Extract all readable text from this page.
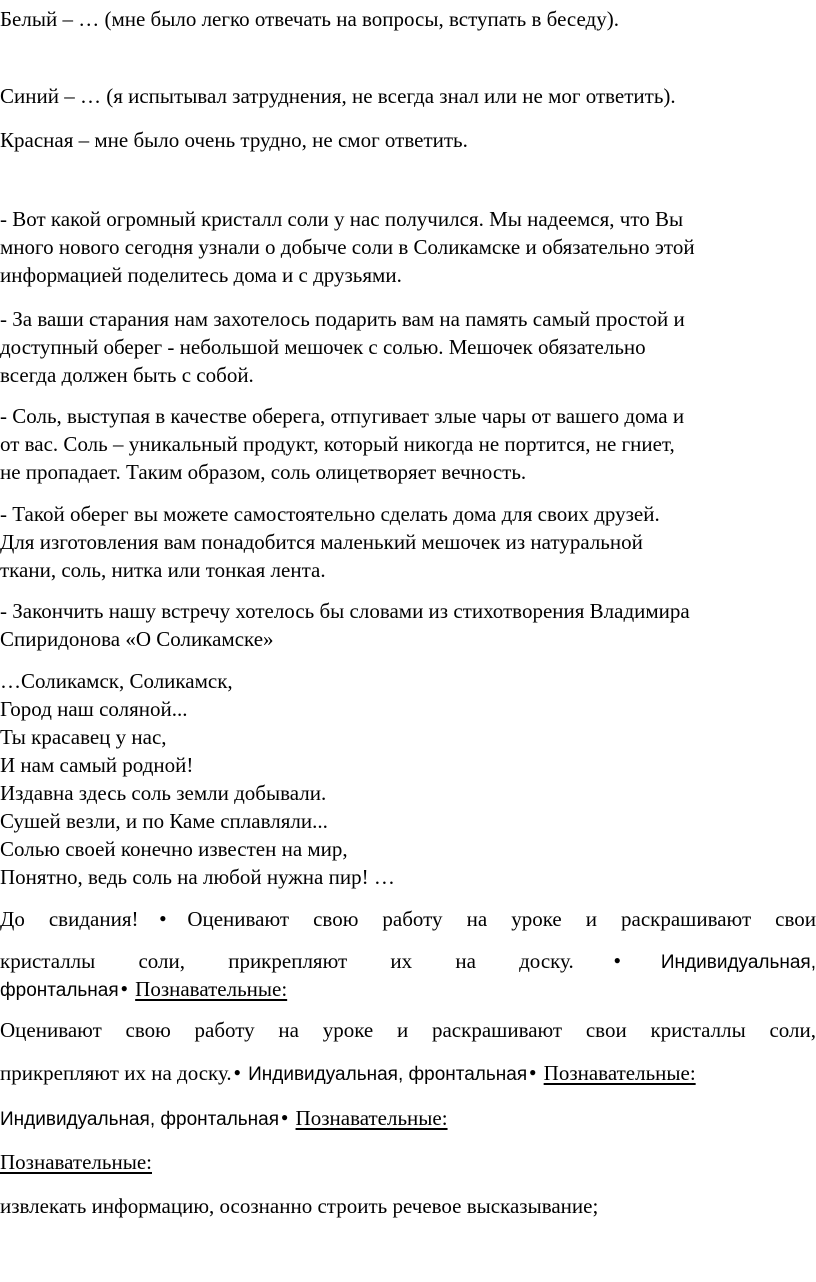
Белый – … (мне было легко отвечать на вопросы, вступать в беседу).

Синий – … (я испытывал затруднения, не всегда знал или не мог ответить).

Красная – мне было очень трудно, не смог ответить.

- Вот какой огромный кристалл соли у нас получился. Мы надеемся, что Вы

много нового сегодня узнали о добыче соли в Соликамске и обязательно этой

информацией поделитесь дома и с друзьями.

- За ваши старания нам захотелось подарить вам на память самый простой и

доступный оберег - небольшой мешочек с солью. Мешочек обязательно

всегда должен быть с собой.

- Соль, выступая в качестве оберега, отпугивает злые чары от вашего дома и

от вас. Соль – уникальный продукт, который никогда не портится, не гниет,

не пропадает. Таким образом, соль олицетворяет вечность.

- Такой оберег вы можете самостоятельно сделать дома для своих друзей.

Для изготовления вам понадобится маленький мешочек из натуральной

ткани, соль, нитка или тонкая лента.

- Закончить нашу встречу хотелось бы словами из стихотворения Владимира

Спиридонова «О Соликамске»

…Соликамск, Соликамск,

Город наш соляной...

Ты красавец у нас,

И нам самый родной!

Издавна здесь соль земли добывали.

Сушей везли, и по Каме сплавляли...

Солью своей конечно известен на мир,

Понятно, ведь соль на любой нужна пир! …

До свидания! ●Оценивают свою работу на уроке и раскрашивают свои

кристаллы соли, прикрепляют их на доску. ● Индивидуальная,

фронтальная ● Познавательные:

Оценивают свою работу на уроке и раскрашивают свои кристаллы соли,

прикрепляют их на доску. ● Индивидуальная, фронтальная ● Познавательные:

Индивидуальная, фронтальная ● Познавательные:

Познавательные:

извлекать информацию, осознанно строить речевое высказывание;
